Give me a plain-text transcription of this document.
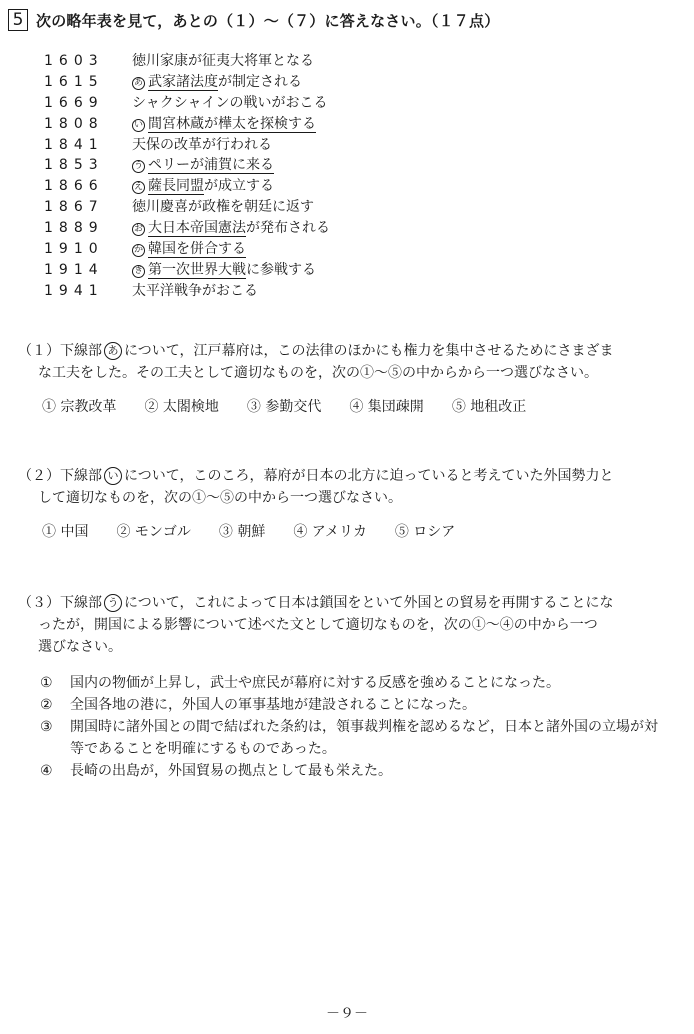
5 次の略年表を見て，あとの（１）～（７）に答えなさい。（１７点）
1603	徳川家康が征夷大将軍となる
1615	あ 武家諸法度が制定される
1669	シャクシャインの戦いがおこる
1808	い 間宮林蔵が樺太を探検する
1841	天保の改革が行われる
1853	う ペリーが浦賀に来る
1866	え 薩長同盟が成立する
1867	徳川慶喜が政権を朝廷に返す
1889	お 大日本帝国憲法が発布される
1910	か 韓国を併合する
1914	き 第一次世界大戦に参戦する
1941	太平洋戦争がおこる
（１）下線部 あ について，江戸幕府は，この法律のほかにも権力を集中させるためにさまざま
な工夫をした。その工夫として適切なものを，次の①～⑤の中からから一つ選びなさい。
① 宗教改革 ② 太閤検地 ③ 参勤交代 ④ 集団疎開 ⑤ 地租改正
（２）下線部 い について，このころ，幕府が日本の北方に迫っていると考えていた外国勢力と
して適切なものを，次の①～⑤の中から一つ選びなさい。
① 中国 ② モンゴル ③ 朝鮮 ④ アメリカ ⑤ ロシア
（３）下線部 う について，これによって日本は鎖国をといて外国との貿易を再開することにな
ったが，開国による影響について述べた文として適切なものを，次の①～④の中から一つ
選びなさい。
①	国内の物価が上昇し，武士や庶民が幕府に対する反感を強めることになった。
②	全国各地の港に，外国人の軍事基地が建設されることになった。
③	開国時に諸外国との間で結ばれた条約は，領事裁判権を認めるなど，日本と諸外国の立場が対等であることを明確にするものであった。
④	長崎の出島が，外国貿易の拠点として最も栄えた。
－９－
